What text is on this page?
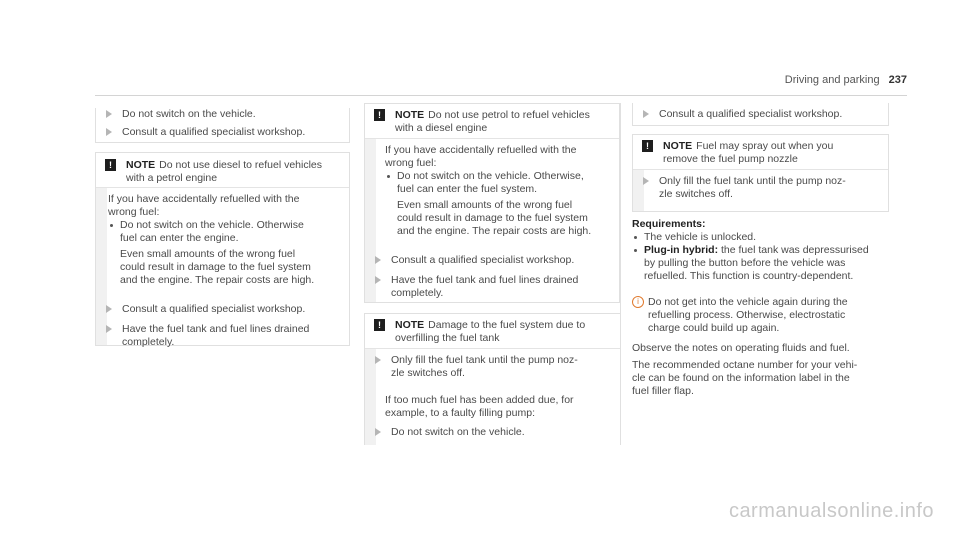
Driving and parking 237
Do not switch on the vehicle.
Consult a qualified specialist workshop.
!	NOTE Do not use diesel to refuel vehicles
with a petrol engine
If you have accidentally refuelled with the
wrong fuel:
Do not switch on the vehicle. Otherwise
fuel can enter the engine.
Even small amounts of the wrong fuel
could result in damage to the fuel system
and the engine. The repair costs are high.
Consult a qualified specialist workshop.
Have the fuel tank and fuel lines drained
completely.
!	NOTE Do not use petrol to refuel vehicles
with a diesel engine
If you have accidentally refuelled with the
wrong fuel:
Do not switch on the vehicle. Otherwise,
fuel can enter the fuel system.
Even small amounts of the wrong fuel
could result in damage to the fuel system
and the engine. The repair costs are high.
Consult a qualified specialist workshop.
Have the fuel tank and fuel lines drained
completely.
!	NOTE Damage to the fuel system due to
overfilling the fuel tank
Only fill the fuel tank until the pump noz-
zle switches off.
If too much fuel has been added due, for
example, to a faulty filling pump:
Do not switch on the vehicle.
Consult a qualified specialist workshop.
!	NOTE Fuel may spray out when you
remove the fuel pump nozzle
Only fill the fuel tank until the pump noz-
zle switches off.
Requirements:
The vehicle is unlocked.
Plug-in hybrid: the fuel tank was depressurised
by pulling the button before the vehicle was
refuelled. This function is country-dependent.
i Do not get into the vehicle again during the
refuelling process. Otherwise, electrostatic
charge could build up again.
Observe the notes on operating fluids and fuel.
The recommended octane number for your vehi-
cle can be found on the information label in the
fuel filler flap.
carmanualsonline.info
